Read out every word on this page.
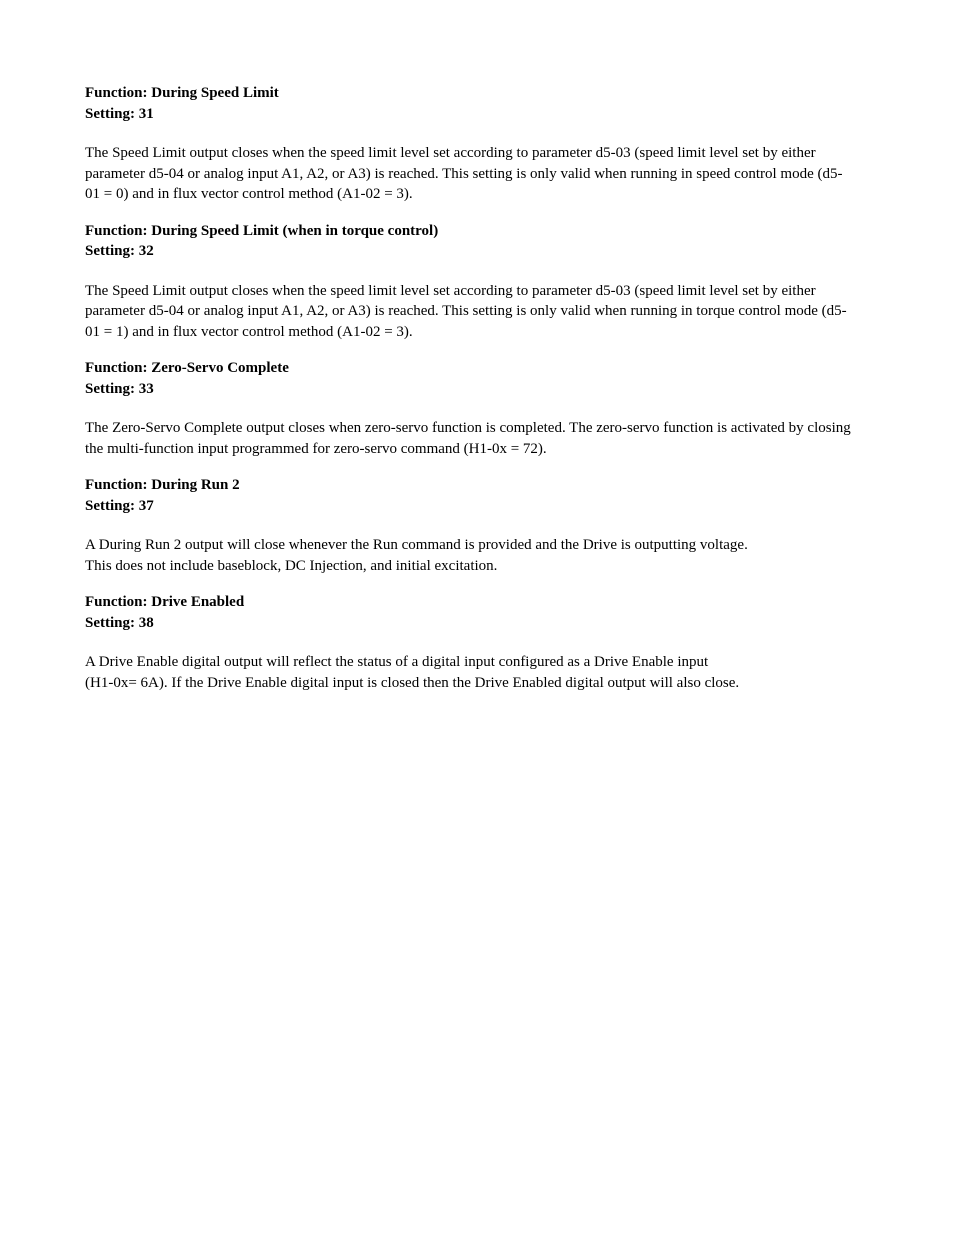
Function: During Speed Limit

Setting: 31

The Speed Limit output closes when the speed limit level set according to parameter d5-03 (speed limit level set by either
parameter d5-04 or analog input A1, A2, or A3) is reached. This setting is only valid when running in speed control mode (d5-
01 = 0) and in flux vector control method (A1-02 = 3).

Function: During Speed Limit (when in torque control)

Setting: 32

The Speed Limit output closes when the speed limit level set according to parameter d5-03 (speed limit level set by either
parameter d5-04 or analog input A1, A2, or A3) is reached. This setting is only valid when running in torque control mode (d5-
01 = 1) and in flux vector control method (A1-02 = 3).

Function: Zero-Servo Complete

Setting: 33

The Zero-Servo Complete output closes when zero-servo function is completed. The zero-servo function is activated by closing
the multi-function input programmed for zero-servo command (H1-0x = 72).

Function: During Run 2

Setting: 37

A During Run 2 output will close whenever the Run command is provided and the Drive is outputting voltage.
This does not include baseblock, DC Injection, and initial excitation.

Function: Drive Enabled

Setting: 38

A Drive Enable digital output will reflect the status of a digital input configured as a Drive Enable input
(H1-0x= 6A). If the Drive Enable digital input is closed then the Drive Enabled digital output will also close.
